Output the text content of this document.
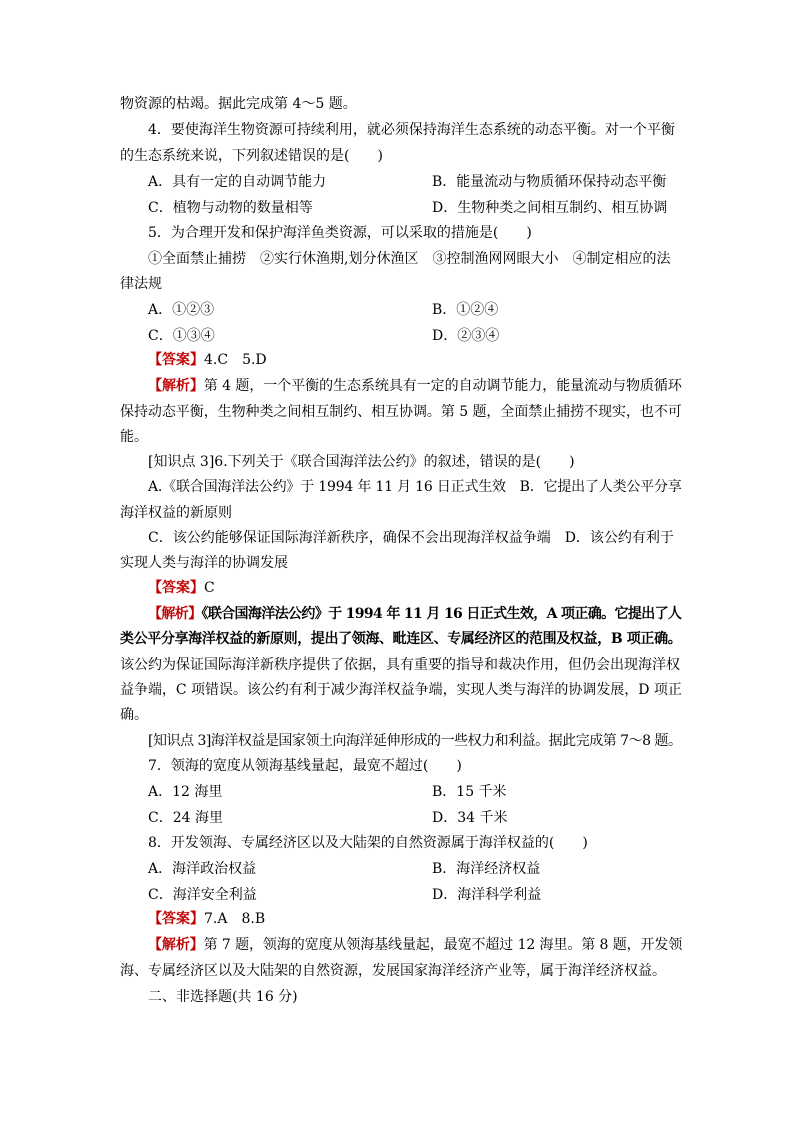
物资源的枯竭。据此完成第 4～5 题。
4．要使海洋生物资源可持续利用，就必须保持海洋生态系统的动态平衡。对一个平衡
的生态系统来说，下列叙述错误的是(　　)
A．具有一定的自动调节能力	B．能量流动与物质循环保持动态平衡
C．植物与动物的数量相等	D．生物种类之间相互制约、相互协调
5．为合理开发和保护海洋鱼类资源，可以采取的措施是(　　)
①全面禁止捕捞　②实行休渔期,划分休渔区　③控制渔网网眼大小　④制定相应的法
律法规
A．①②③	B．①②④
C．①③④	D．②③④
【答案】4.C　5.D
【解析】第 4 题，一个平衡的生态系统具有一定的自动调节能力，能量流动与物质循环
保持动态平衡，生物种类之间相互制约、相互协调。第 5 题，全面禁止捕捞不现实，也不可
能。
[知识点 3]6.下列关于《联合国海洋法公约》的叙述，错误的是(　　)
A.《联合国海洋法公约》于 1994 年 11 月 16 日正式生效　B．它提出了人类公平分享
海洋权益的新原则
C．该公约能够保证国际海洋新秩序，确保不会出现海洋权益争端　D．该公约有利于
实现人类与海洋的协调发展
【答案】C
【解析】《联合国海洋法公约》于 1994 年 11 月 16 日正式生效，A 项正确。它提出了人
类公平分享海洋权益的新原则，提出了领海、毗连区、专属经济区的范围及权益，B 项正确。
该公约为保证国际海洋新秩序提供了依据，具有重要的指导和裁决作用，但仍会出现海洋权
益争端，C 项错误。该公约有利于减少海洋权益争端，实现人类与海洋的协调发展，D 项正
确。
[知识点 3]海洋权益是国家领土向海洋延伸形成的一些权力和利益。据此完成第 7～8 题。
7．领海的宽度从领海基线量起，最宽不超过(　　)
A．12 海里	B．15 千米
C．24 海里	D．34 千米
8．开发领海、专属经济区以及大陆架的自然资源属于海洋权益的(　　)
A．海洋政治权益	B．海洋经济权益
C．海洋安全利益	D．海洋科学利益
【答案】7.A　8.B
【解析】第 7 题，领海的宽度从领海基线量起，最宽不超过 12 海里。第 8 题，开发领
海、专属经济区以及大陆架的自然资源，发展国家海洋经济产业等，属于海洋经济权益。
二、非选择题(共 16 分)
